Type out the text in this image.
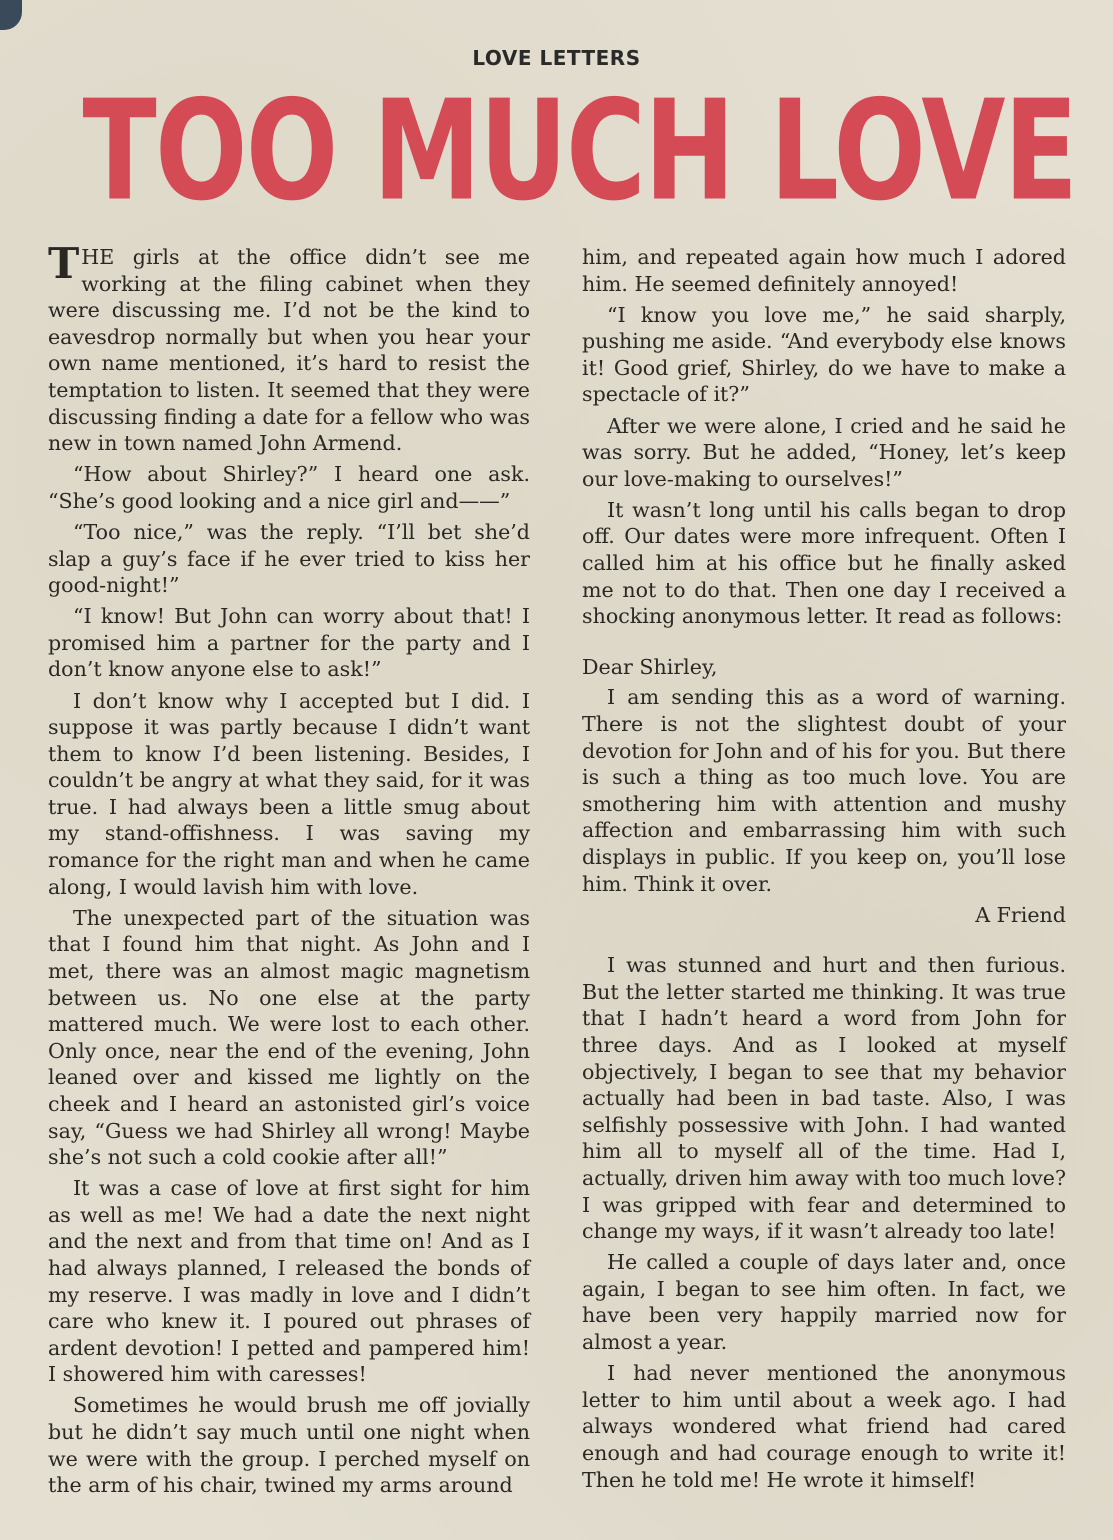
LOVE LETTERS
TOO MUCH LOVE

THE girls at the office didn’t see me working at the filing cabinet when they were discussing me. I’d not be the kind to eavesdrop normally but when you hear your own name mentioned, it’s hard to resist the temptation to listen. It seemed that they were discussing finding a date for a fellow who was new in town named John Armend.

“How about Shirley?” I heard one ask. “She’s good looking and a nice girl and——”

“Too nice,” was the reply. “I’ll bet she’d slap a guy’s face if he ever tried to kiss her good-night!”

“I know! But John can worry about that! I promised him a partner for the party and I don’t know anyone else to ask!”

I don’t know why I accepted but I did. I suppose it was partly because I didn’t want them to know I’d been listening. Besides, I couldn’t be angry at what they said, for it was true. I had always been a little smug about my stand-offishness. I was saving my romance for the right man and when he came along, I would lavish him with love.

The unexpected part of the situation was that I found him that night. As John and I met, there was an almost magic magnetism between us. No one else at the party mattered much. We were lost to each other. Only once, near the end of the evening, John leaned over and kissed me lightly on the cheek and I heard an astonisted girl’s voice say, “Guess we had Shirley all wrong! Maybe she’s not such a cold cookie after all!”

It was a case of love at first sight for him as well as me! We had a date the next night and the next and from that time on! And as I had always planned, I released the bonds of my reserve. I was madly in love and I didn’t care who knew it. I poured out phrases of ardent devotion! I petted and pampered him! I showered him with caresses!

Sometimes he would brush me off jovially but he didn’t say much until one night when we were with the group. I perched myself on the arm of his chair, twined my arms around

him, and repeated again how much I adored him. He seemed definitely annoyed!

“I know you love me,” he said sharply, pushing me aside. “And everybody else knows it! Good grief, Shirley, do we have to make a spectacle of it?”

After we were alone, I cried and he said he was sorry. But he added, “Honey, let’s keep our love-making to ourselves!”

It wasn’t long until his calls began to drop off. Our dates were more infrequent. Often I called him at his office but he finally asked me not to do that. Then one day I received a shocking anonymous letter. It read as follows:

Dear Shirley,

I am sending this as a word of warning. There is not the slightest doubt of your devotion for John and of his for you. But there is such a thing as too much love. You are smothering him with attention and mushy affection and embarrassing him with such displays in public. If you keep on, you’ll lose him. Think it over.

A Friend

I was stunned and hurt and then furious. But the letter started me thinking. It was true that I hadn’t heard a word from John for three days. And as I looked at myself objectively, I began to see that my behavior actually had been in bad taste. Also, I was selfishly possessive with John. I had wanted him all to myself all of the time. Had I, actually, driven him away with too much love? I was gripped with fear and determined to change my ways, if it wasn’t already too late!

He called a couple of days later and, once again, I began to see him often. In fact, we have been very happily married now for almost a year.

I had never mentioned the anonymous letter to him until about a week ago. I had always wondered what friend had cared enough and had courage enough to write it! Then he told me! He wrote it himself!
